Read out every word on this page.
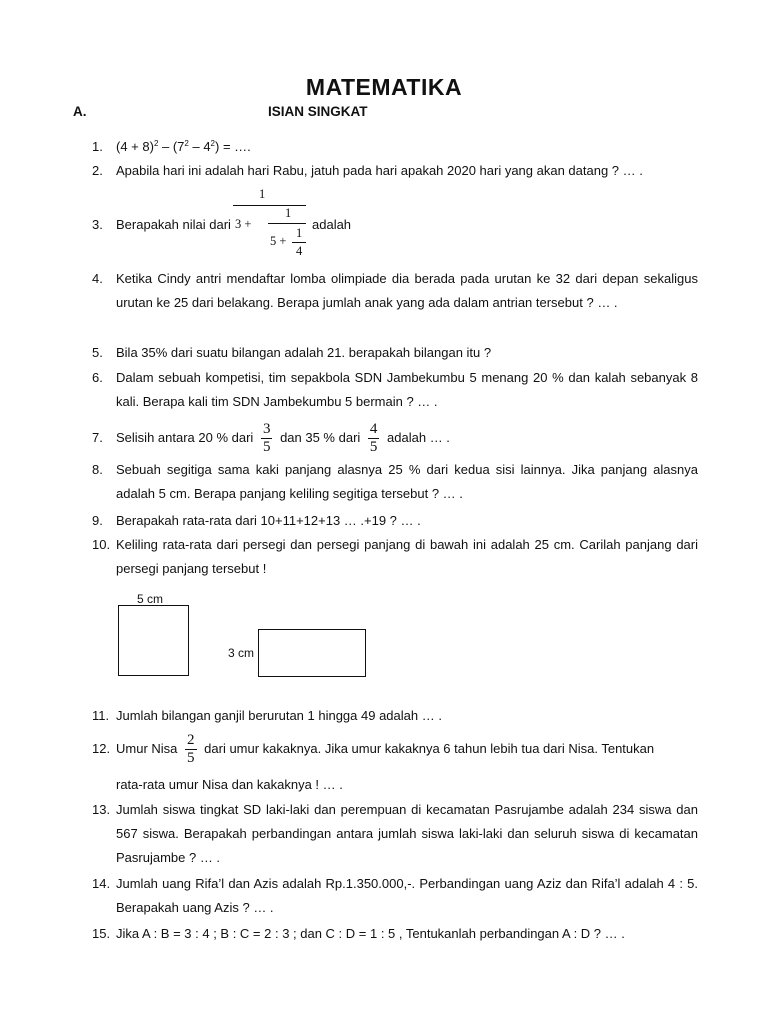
MATEMATIKA
A.	ISIAN SINGKAT
1. $(4 + 8)^2 - (7^2 - 4^2)$ = ….
2. Apabila hari ini adalah hari Rabu, jatuh pada hari apakah 2020 hari yang akan datang ? … .
3. Berapakah nilai dari
1
3 +
1
5 +
1
4
adalah
4. Ketika Cindy antri mendaftar lomba olimpiade dia berada pada urutan ke 32 dari depan sekaligus urutan ke 25 dari belakang. Berapa jumlah anak yang ada dalam antrian tersebut ? … .
5. Bila 35% dari suatu bilangan adalah 21. berapakah bilangan itu ?
6. Dalam sebuah kompetisi, tim sepakbola SDN Jambekumbu 5 menang 20 % dan kalah sebanyak 8 kali. Berapa kali tim SDN Jambekumbu 5 bermain ? … .
7. Selisih antara 20 % dari $\frac{3}{5}$ dan 35 % dari $\frac{4}{5}$ adalah … .
8. Sebuah segitiga sama kaki panjang alasnya 25 % dari kedua sisi lainnya. Jika panjang alasnya adalah 5 cm. Berapa panjang keliling segitiga tersebut ? … .
9. Berapakah rata-rata dari 10+11+12+13 … .+19 ? … .
10. Keliling rata-rata dari persegi dan persegi panjang di bawah ini adalah 25 cm. Carilah panjang dari persegi panjang tersebut !
5 cm
3 cm
11. Jumlah bilangan ganjil berurutan 1 hingga 49 adalah … .
12. Umur Nisa $\frac{2}{5}$ dari umur kakaknya. Jika umur kakaknya 6 tahun lebih tua dari Nisa. Tentukan
rata-rata umur Nisa dan kakaknya ! … .
13. Jumlah siswa tingkat SD laki-laki dan perempuan di kecamatan Pasrujambe adalah 234 siswa dan 567 siswa. Berapakah perbandingan antara jumlah siswa laki-laki dan seluruh siswa di kecamatan Pasrujambe ? … .
14. Jumlah uang Rifa’l dan Azis adalah Rp.1.350.000,-. Perbandingan uang Aziz dan Rifa’l adalah 4 : 5. Berapakah uang Azis ? … .
15. Jika A : B = 3 : 4 ; B : C = 2 : 3 ; dan C : D = 1 : 5 , Tentukanlah perbandingan A : D ? … .
